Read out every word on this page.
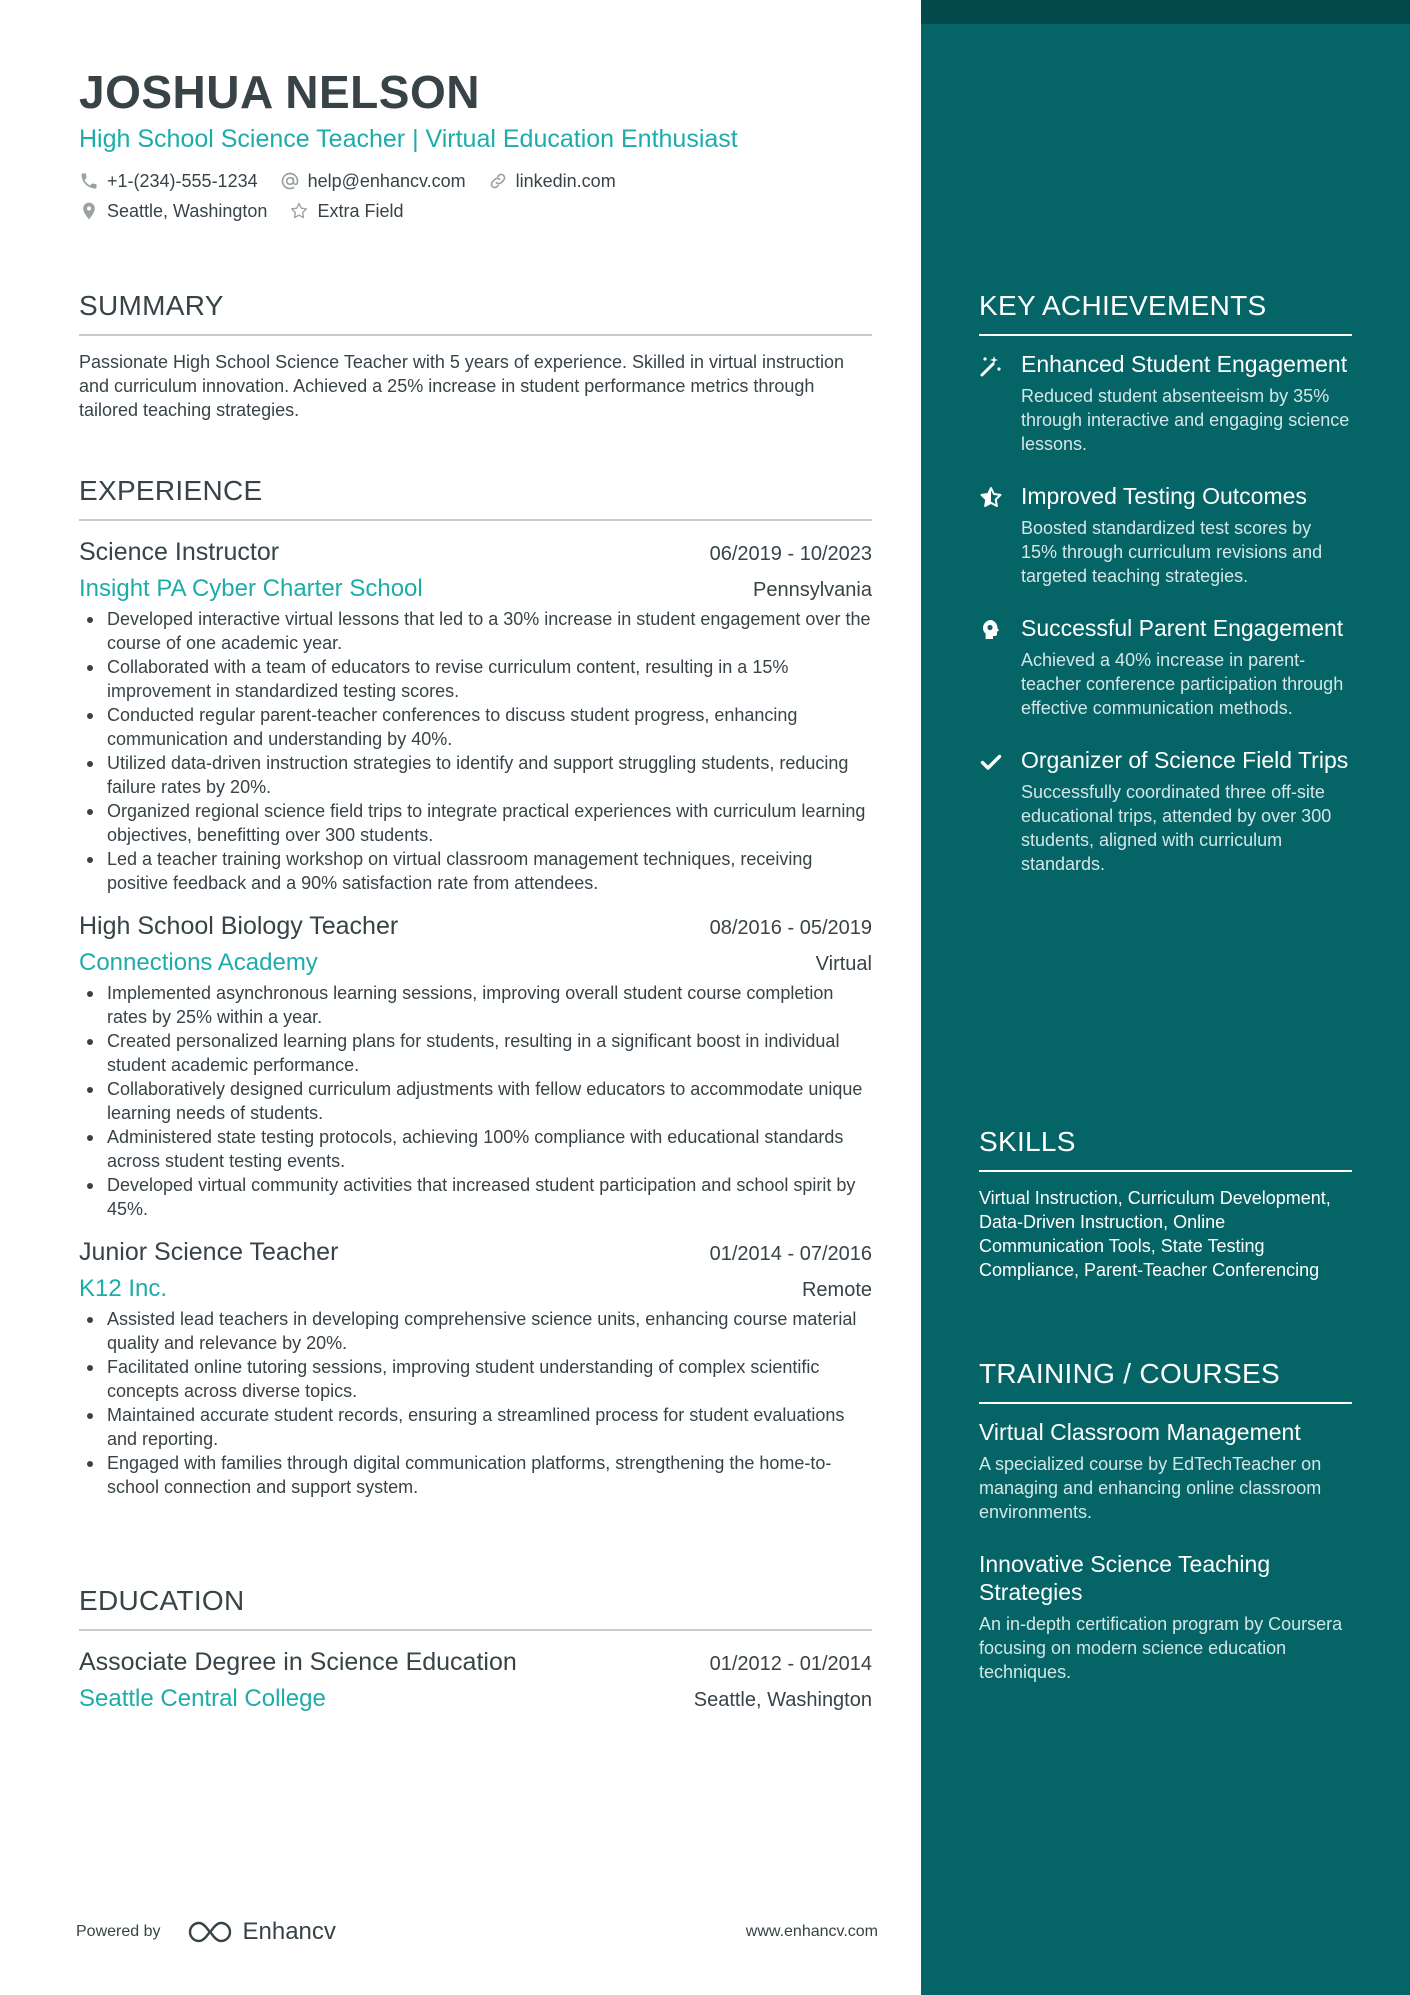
JOSHUA NELSON
High School Science Teacher | Virtual Education Enthusiast
+1-(234)-555-1234	help@enhancv.com	linkedin.com
Seattle, Washington	Extra Field
SUMMARY
Passionate High School Science Teacher with 5 years of experience. Skilled in virtual instruction and curriculum innovation. Achieved a 25% increase in student performance metrics through tailored teaching strategies.
EXPERIENCE
Science Instructor	06/2019 - 10/2023
Insight PA Cyber Charter School	Pennsylvania
Developed interactive virtual lessons that led to a 30% increase in student engagement over the course of one academic year.
Collaborated with a team of educators to revise curriculum content, resulting in a 15% improvement in standardized testing scores.
Conducted regular parent-teacher conferences to discuss student progress, enhancing communication and understanding by 40%.
Utilized data-driven instruction strategies to identify and support struggling students, reducing failure rates by 20%.
Organized regional science field trips to integrate practical experiences with curriculum learning objectives, benefitting over 300 students.
Led a teacher training workshop on virtual classroom management techniques, receiving positive feedback and a 90% satisfaction rate from attendees.
High School Biology Teacher	08/2016 - 05/2019
Connections Academy	Virtual
Implemented asynchronous learning sessions, improving overall student course completion rates by 25% within a year.
Created personalized learning plans for students, resulting in a significant boost in individual student academic performance.
Collaboratively designed curriculum adjustments with fellow educators to accommodate unique learning needs of students.
Administered state testing protocols, achieving 100% compliance with educational standards across student testing events.
Developed virtual community activities that increased student participation and school spirit by 45%.
Junior Science Teacher	01/2014 - 07/2016
K12 Inc.	Remote
Assisted lead teachers in developing comprehensive science units, enhancing course material quality and relevance by 20%.
Facilitated online tutoring sessions, improving student understanding of complex scientific concepts across diverse topics.
Maintained accurate student records, ensuring a streamlined process for student evaluations and reporting.
Engaged with families through digital communication platforms, strengthening the home-to-school connection and support system.
EDUCATION
Associate Degree in Science Education	01/2012 - 01/2014
Seattle Central College	Seattle, Washington
Powered by	Enhancv	www.enhancv.com
KEY ACHIEVEMENTS
Enhanced Student Engagement
Reduced student absenteeism by 35% through interactive and engaging science lessons.
Improved Testing Outcomes
Boosted standardized test scores by 15% through curriculum revisions and targeted teaching strategies.
Successful Parent Engagement
Achieved a 40% increase in parent-teacher conference participation through effective communication methods.
Organizer of Science Field Trips
Successfully coordinated three off-site educational trips, attended by over 300 students, aligned with curriculum standards.
SKILLS
Virtual Instruction, Curriculum Development, Data-Driven Instruction, Online Communication Tools, State Testing Compliance, Parent-Teacher Conferencing
TRAINING / COURSES
Virtual Classroom Management
A specialized course by EdTechTeacher on managing and enhancing online classroom environments.
Innovative Science Teaching Strategies
An in-depth certification program by Coursera focusing on modern science education techniques.
